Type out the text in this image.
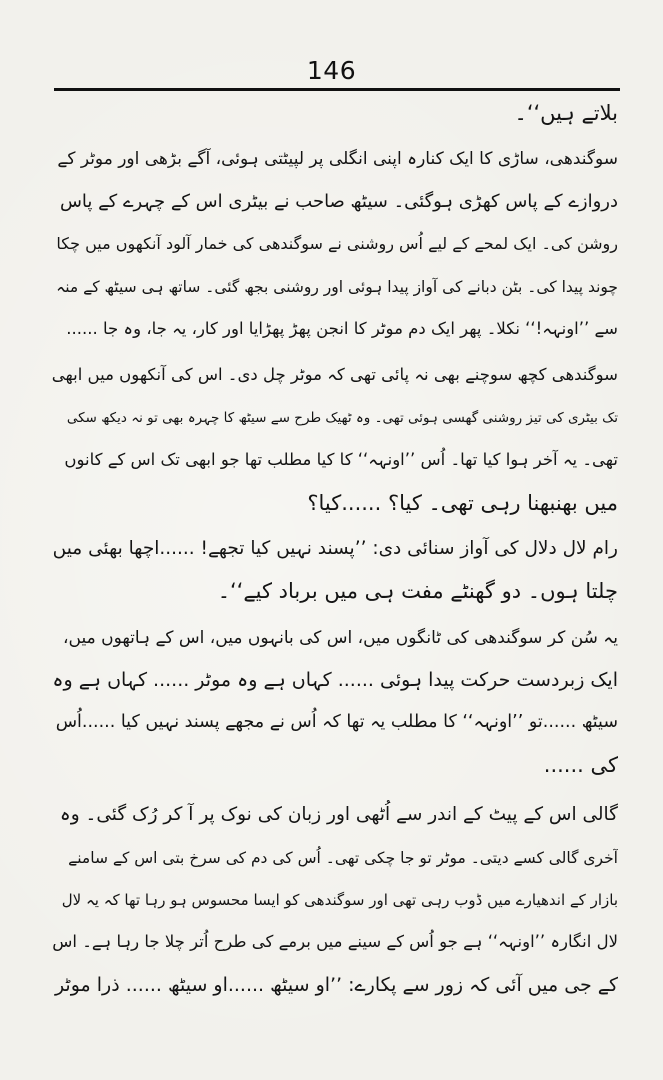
146
بلاتے ہیں‘‘۔
سوگندھی، ساڑی کا ایک کنارہ اپنی انگلی پر لپیٹتی ہوئی، آگے بڑھی اور موٹر کے
دروازے کے پاس کھڑی ہوگئی۔ سیٹھ صاحب نے بیٹری اس کے چہرے کے پاس
روشن کی۔ ایک لمحے کے لیے اُس روشنی نے سوگندھی کی خمار آلود آنکھوں میں چکا
چوند پیدا کی۔ بٹن دبانے کی آواز پیدا ہوئی اور روشنی بجھ گئی۔ ساتھ ہی سیٹھ کے منہ
سے ’’اونہہ!‘‘ نکلا۔ پھر ایک دم موٹر کا انجن پھڑ پھڑایا اور کار، یہ جا، وہ جا ......
سوگندھی کچھ سوچنے بھی نہ پائی تھی کہ موٹر چل دی۔ اس کی آنکھوں میں ابھی
تک بیٹری کی تیز روشنی گھسی ہوئی تھی۔ وہ ٹھیک طرح سے سیٹھ کا چہرہ بھی تو نہ دیکھ سکی
تھی۔ یہ آخر ہوا کیا تھا۔ اُس ’’اونہہ‘‘ کا کیا مطلب تھا جو ابھی تک اس کے کانوں
میں بھنبھنا رہی تھی۔ کیا؟ ......کیا؟
رام لال دلال کی آواز سنائی دی: ’’پسند نہیں کیا تجھے! ......اچھا بھئی میں
چلتا ہوں۔ دو گھنٹے مفت ہی میں برباد کیے‘‘۔
یہ سُن کر سوگندھی کی ٹانگوں میں، اس کی بانہوں میں، اس کے ہاتھوں میں،
ایک زبردست حرکت پیدا ہوئی ...... کہاں ہے وہ موٹر ...... کہاں ہے وہ
سیٹھ ......تو ’’اونہہ‘‘ کا مطلب یہ تھا کہ اُس نے مجھے پسند نہیں کیا ......اُس
کی ......
گالی اس کے پیٹ کے اندر سے اُٹھی اور زبان کی نوک پر آ کر رُک گئی۔ وہ
آخری گالی کسے دیتی۔ موٹر تو جا چکی تھی۔ اُس کی دم کی سرخ بتی اس کے سامنے
بازار کے اندھیارے میں ڈوب رہی تھی اور سوگندھی کو ایسا محسوس ہو رہا تھا کہ یہ لال
لال انگارہ ’’اونہہ‘‘ ہے جو اُس کے سینے میں برمے کی طرح اُتر چلا جا رہا ہے۔ اس
کے جی میں آئی کہ زور سے پکارے: ’’او سیٹھ ......او سیٹھ ...... ذرا موٹر
